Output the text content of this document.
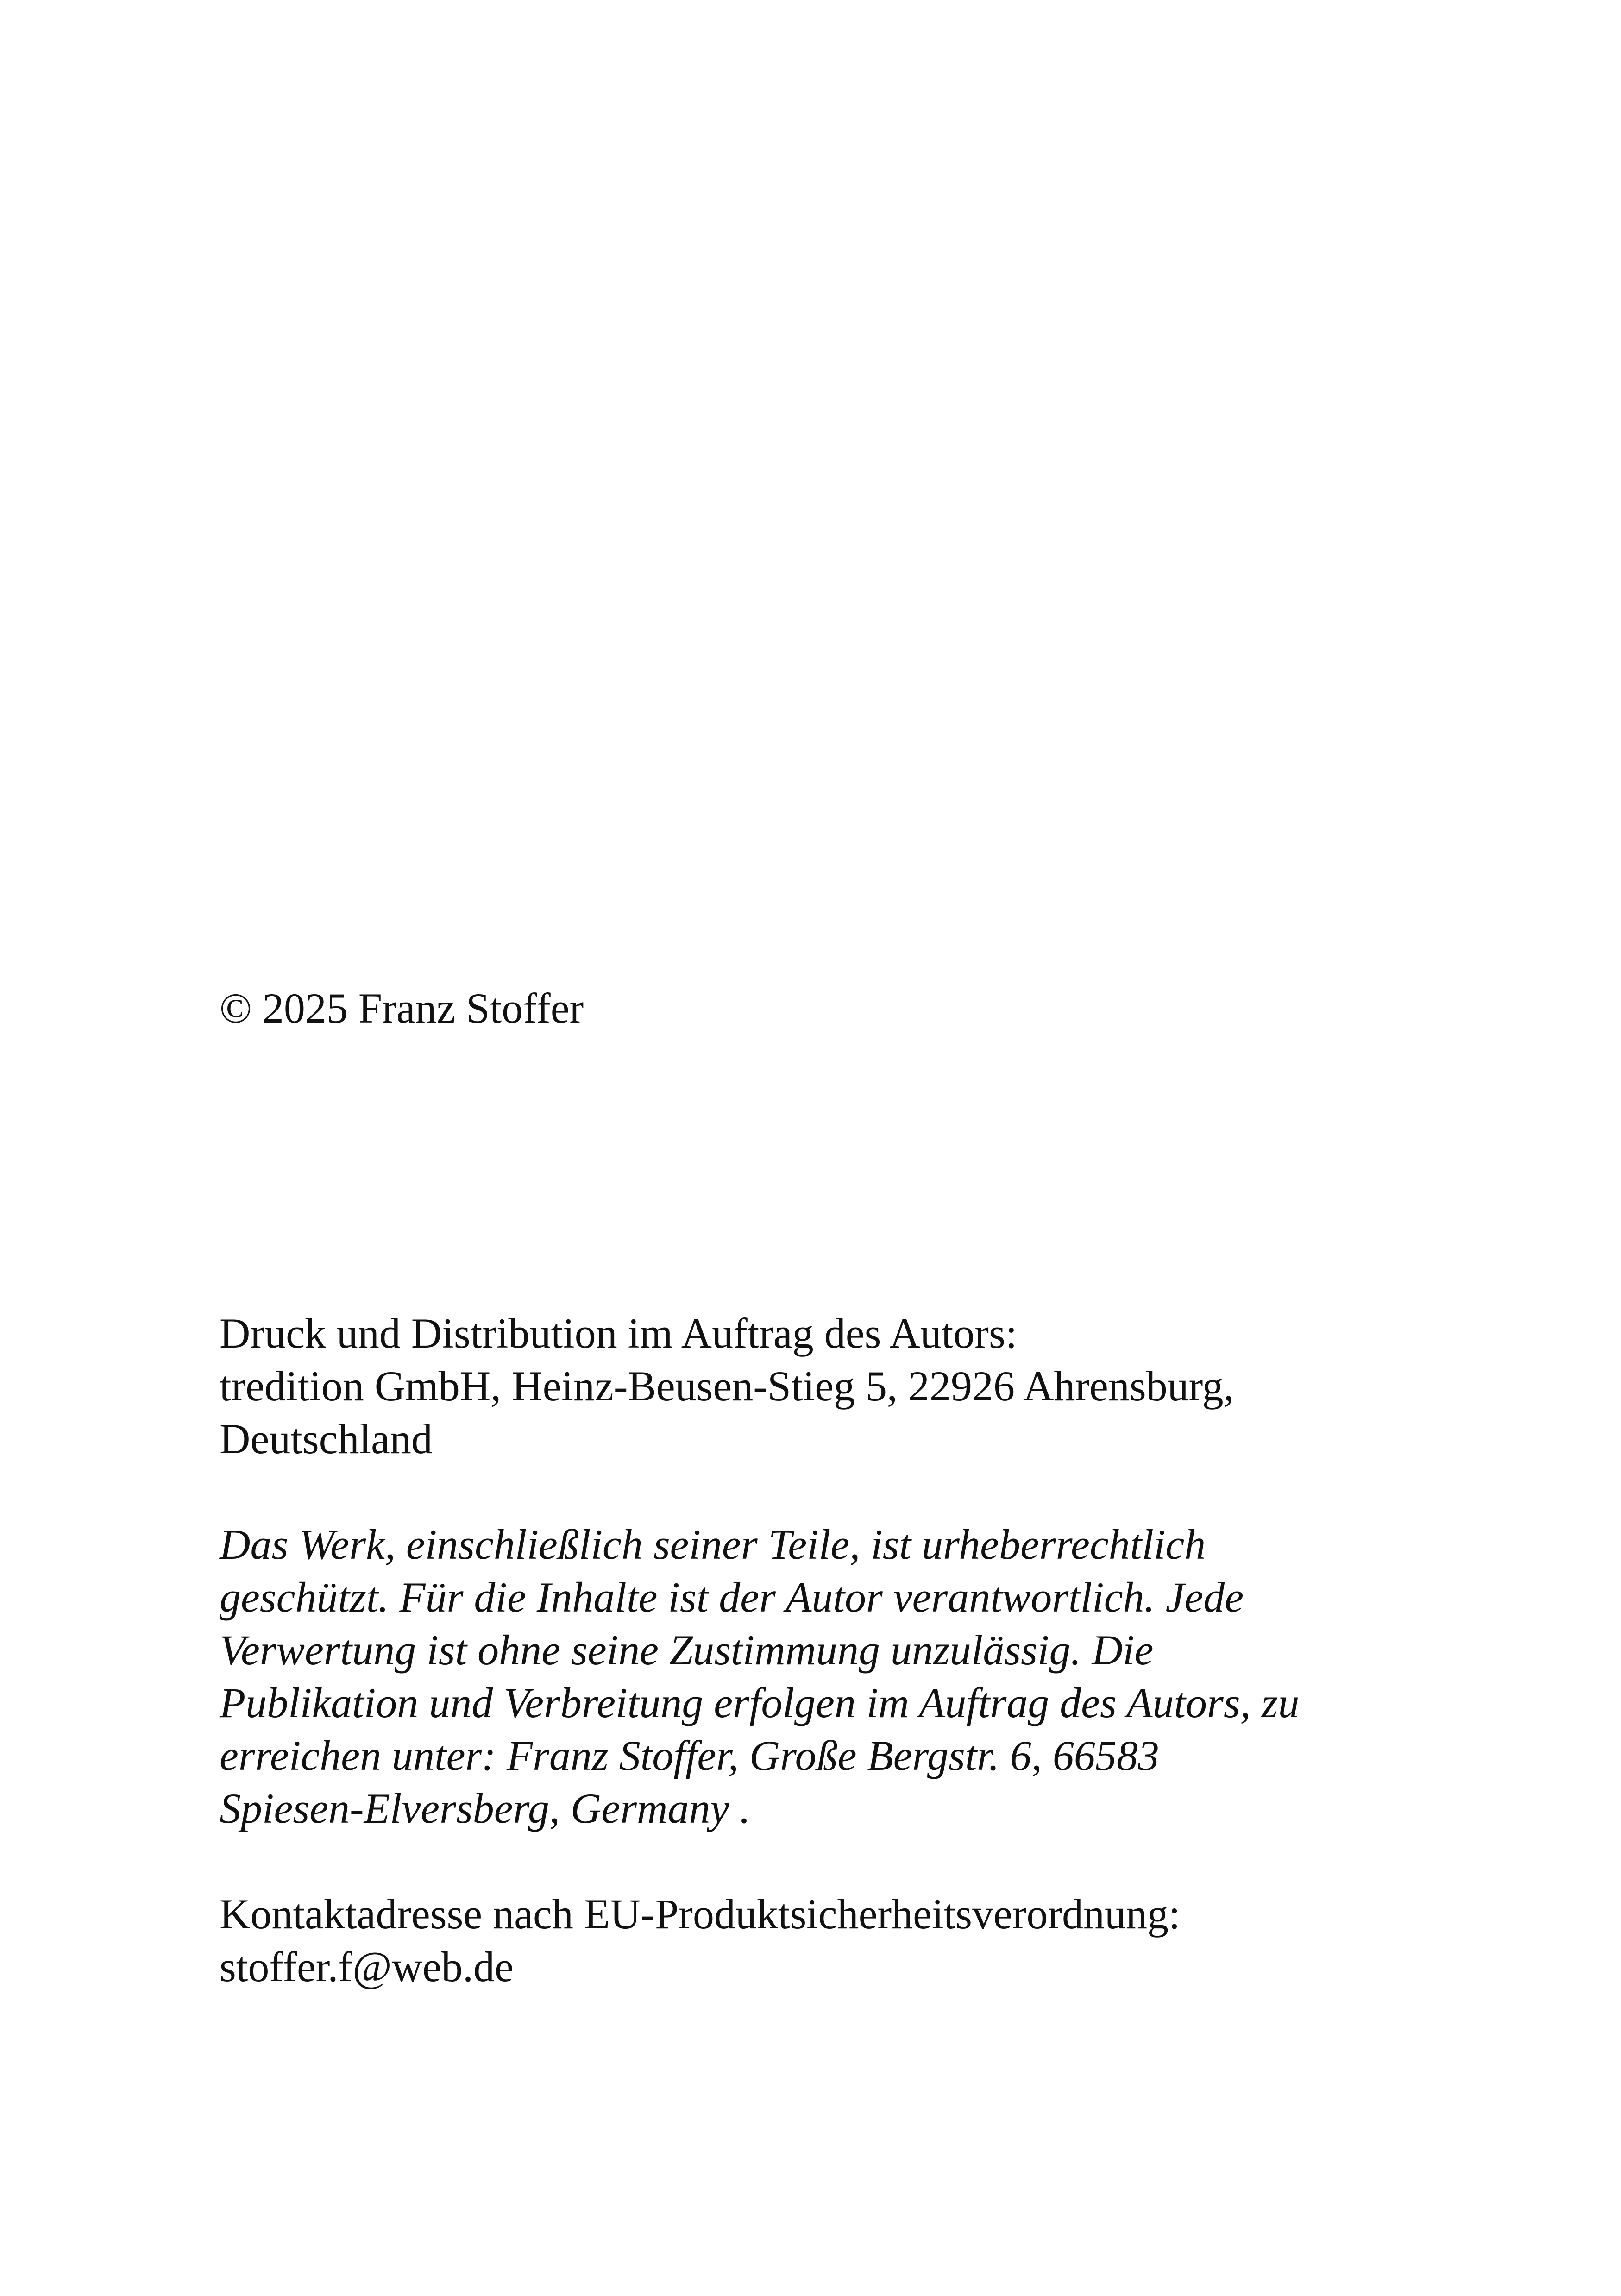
© 2025 Franz Stoffer
Druck und Distribution im Auftrag des Autors:
tredition GmbH, Heinz-Beusen-Stieg 5, 22926 Ahrensburg,
Deutschland
Das Werk, einschließlich seiner Teile, ist urheberrechtlich
geschützt. Für die Inhalte ist der Autor verantwortlich. Jede
Verwertung ist ohne seine Zustimmung unzulässig. Die
Publikation und Verbreitung erfolgen im Auftrag des Autors, zu
erreichen unter: Franz Stoffer, Große Bergstr. 6, 66583
Spiesen-Elversberg, Germany .
Kontaktadresse nach EU-Produktsicherheitsverordnung:
stoffer.f@web.de
